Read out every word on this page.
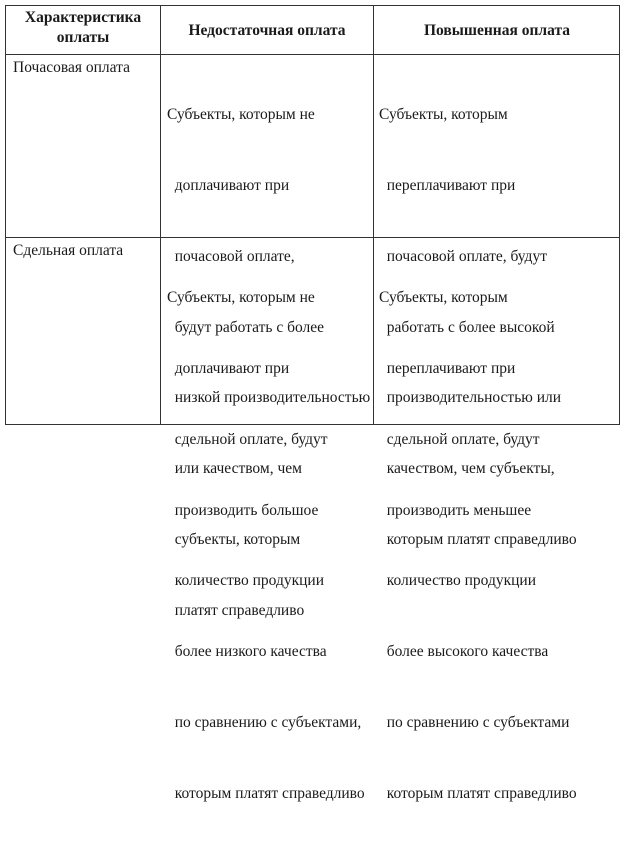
Характеристика
оплаты	Недостаточная оплата	Повышенная оплата
Почасовая оплата

Субъекты, которым не

доплачивают при

почасовой оплате,

будут работать с более

низкой производительностью

или качеством, чем

субъекты, которым

платят справедливо

Субъекты, которым

переплачивают при

почасовой оплате, будут

работать с более высокой

производительностью или

качеством, чем субъекты,

которым платят справедливо

Сдельная оплата

Субъекты, которым не

доплачивают при

сдельной оплате, будут

производить большое

количество продукции

более низкого качества

по сравнению с субъектами,

которым платят справедливо

Субъекты, которым

переплачивают при

сдельной оплате, будут

производить меньшее

количество продукции

более высокого качества

по сравнению с субъектами

которым платят справедливо
